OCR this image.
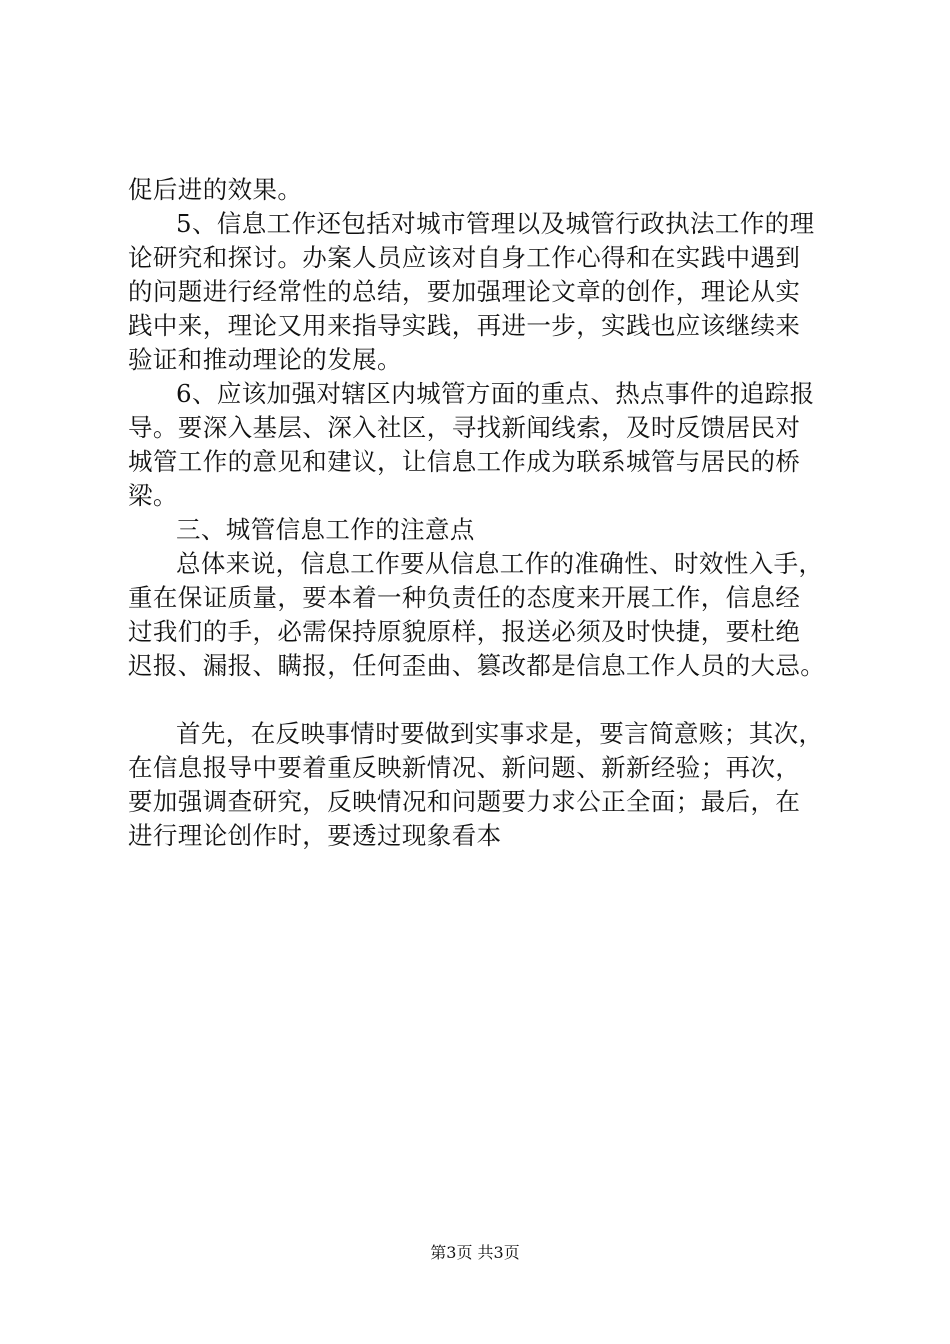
促后进的效果。
5、信息工作还包括对城市管理以及城管行政执法工作的理
论研究和探讨。办案人员应该对自身工作心得和在实践中遇到
的问题进行经常性的总结，要加强理论文章的创作，理论从实
践中来，理论又用来指导实践，再进一步，实践也应该继续来
验证和推动理论的发展。
6、应该加强对辖区内城管方面的重点、热点事件的追踪报
导。要深入基层、深入社区，寻找新闻线索，及时反馈居民对
城管工作的意见和建议，让信息工作成为联系城管与居民的桥
梁。
三、城管信息工作的注意点
总体来说，信息工作要从信息工作的准确性、时效性入手，
重在保证质量，要本着一种负责任的态度来开展工作，信息经
过我们的手，必需保持原貌原样，报送必须及时快捷，要杜绝
迟报、漏报、瞒报，任何歪曲、篡改都是信息工作人员的大忌。
首先，在反映事情时要做到实事求是，要言简意赅；其次，
在信息报导中要着重反映新情况、新问题、新新经验；再次，
要加强调查研究，反映情况和问题要力求公正全面；最后，在
进行理论创作时，要透过现象看本
第3页 共3页
